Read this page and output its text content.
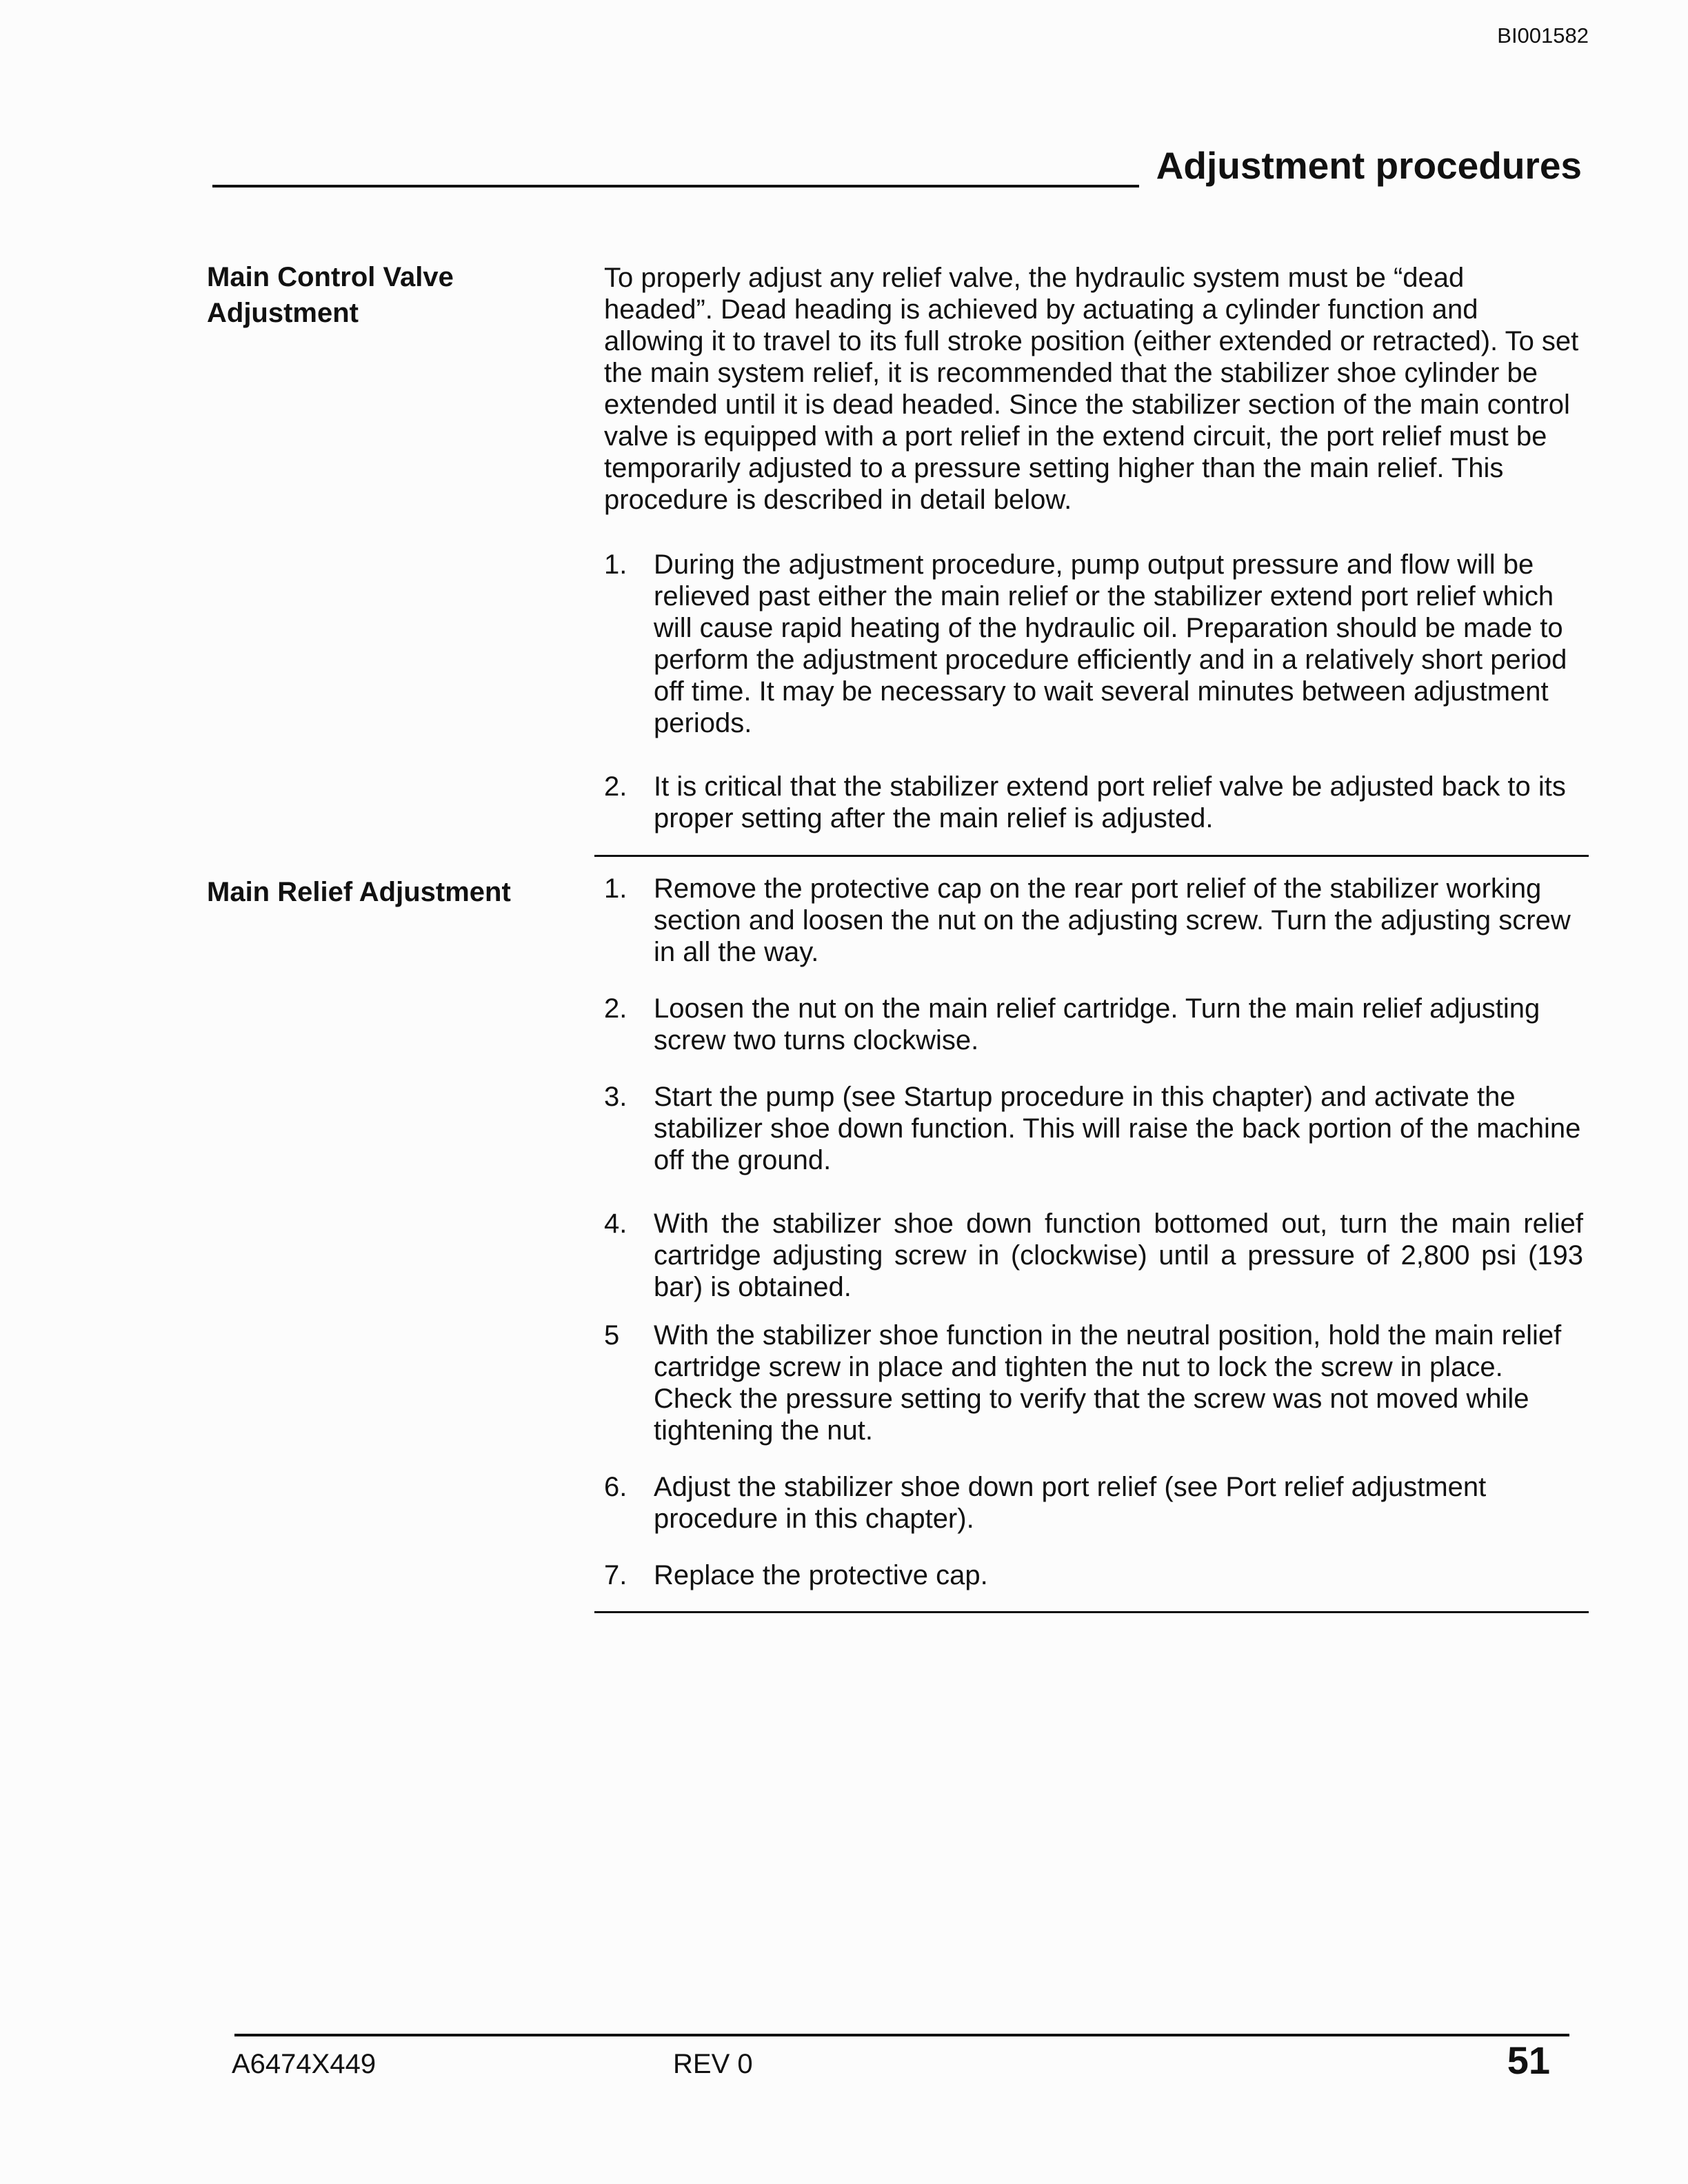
BI001582
Adjustment procedures
Main Control Valve
Adjustment

To properly adjust any relief valve, the hydraulic system must be “dead headed”. Dead heading is achieved by actuating a cylinder function and allowing it to travel to its full stroke position (either extended or retracted). To set the main system relief, it is recommended that the stabilizer shoe cylinder be extended until it is dead headed. Since the stabilizer section of the main control valve is equipped with a port relief in the extend circuit, the port relief must be temporarily adjusted to a pressure setting higher than the main relief. This procedure is described in detail below.

1. During the adjustment procedure, pump output pressure and flow will be relieved past either the main relief or the stabilizer extend port relief which will cause rapid heating of the hydraulic oil. Preparation should be made to perform the adjustment procedure efficiently and in a relatively short period off time. It may be necessary to wait several minutes between adjustment periods.
2. It is critical that the stabilizer extend port relief valve be adjusted back to its proper setting after the main relief is adjusted.
Main Relief Adjustment	1. Remove the protective cap on the rear port relief of the stabilizer working section and loosen the nut on the adjusting screw. Turn the adjusting screw in all the way.
2. Loosen the nut on the main relief cartridge. Turn the main relief adjusting screw two turns clockwise.
3. Start the pump (see Startup procedure in this chapter) and activate the stabilizer shoe down function. This will raise the back portion of the machine off the ground.
4. With the stabilizer shoe down function bottomed out, turn the main relief cartridge adjusting screw in (clockwise) until a pressure of 2,800 psi (193 bar) is obtained.
5	With the stabilizer shoe function in the neutral position, hold the main relief cartridge screw in place and tighten the nut to lock the screw in place. Check the pressure setting to verify that the screw was not moved while tightening the nut.
6. Adjust the stabilizer shoe down port relief (see Port relief adjustment procedure in this chapter).
7. Replace the protective cap.
A6474X449	REV 0	51
